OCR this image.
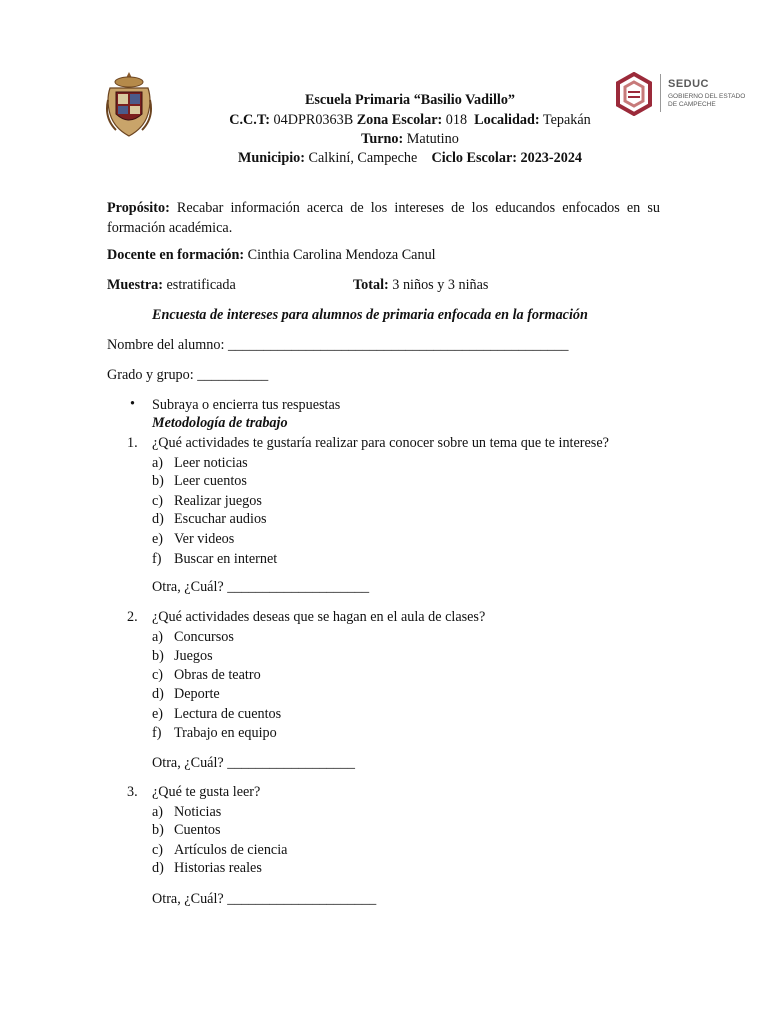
SEDUC
GOBIERNO DEL ESTADO
DE CAMPECHE
Escuela Primaria “Basilio Vadillo”
C.C.T: 04DPR0363B Zona Escolar: 018 Localidad: Tepakán
Turno: Matutino
Municipio: Calkiní, Campeche Ciclo Escolar: 2023-2024
Propósito: Recabar información acerca de los intereses de los educandos enfocados en su formación académica.
Docente en formación: Cinthia Carolina Mendoza Canul
Muestra: estratificada	Total: 3 niños y 3 niñas
Encuesta de intereses para alumnos de primaria enfocada en la formación
Nombre del alumno: ________________________________________________
Grado y grupo: __________
• Subraya o encierra tus respuestas
Metodología de trabajo
1. ¿Qué actividades te gustaría realizar para conocer sobre un tema que te interese?
a) Leer noticias
b) Leer cuentos
c) Realizar juegos
d) Escuchar audios
e) Ver videos
f) Buscar en internet
Otra, ¿Cuál? ____________________
2. ¿Qué actividades deseas que se hagan en el aula de clases?
a) Concursos
b) Juegos
c) Obras de teatro
d) Deporte
e) Lectura de cuentos
f) Trabajo en equipo
Otra, ¿Cuál? __________________
3. ¿Qué te gusta leer?
a) Noticias
b) Cuentos
c) Artículos de ciencia
d) Historias reales
Otra, ¿Cuál? _____________________
